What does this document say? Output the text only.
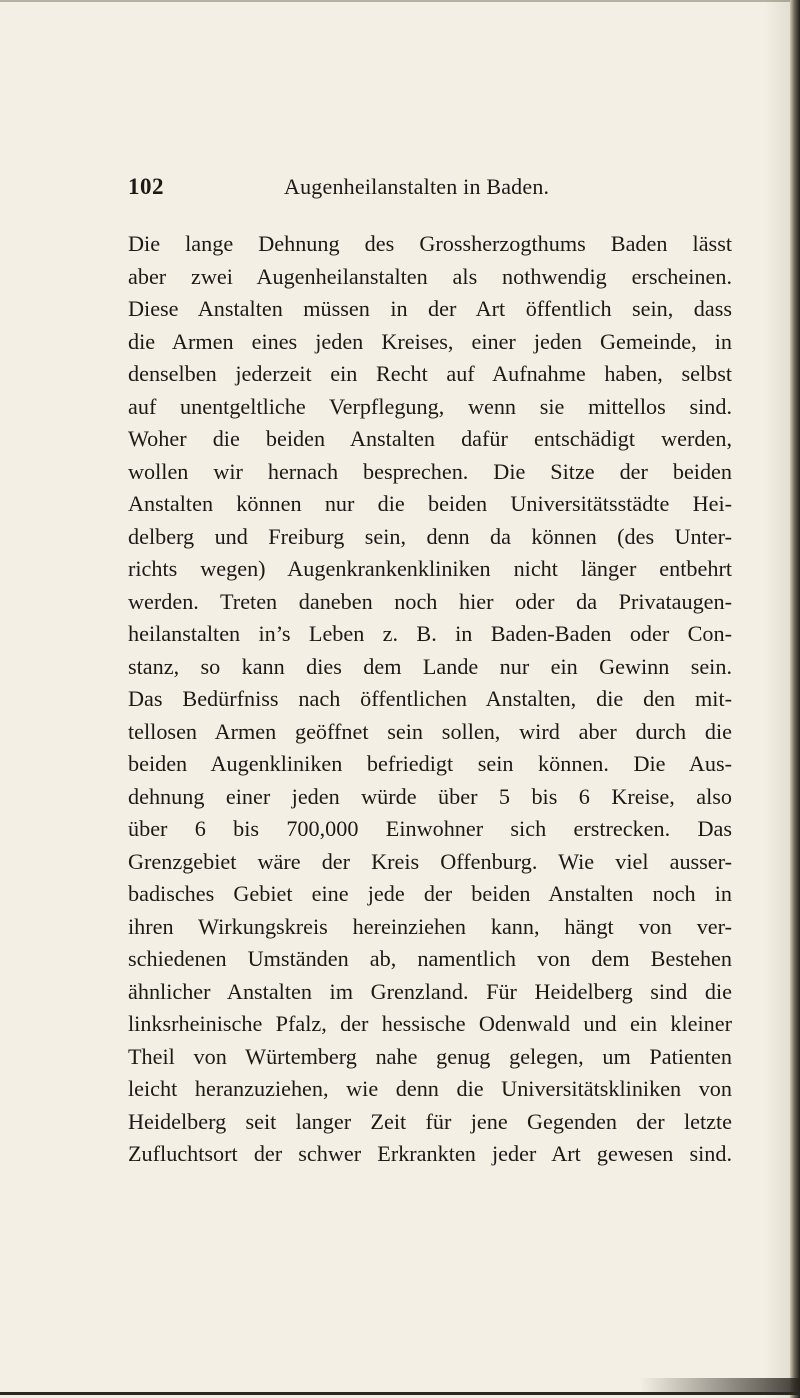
102	Augenheilanstalten in Baden.
Die lange Dehnung des Grossherzogthums Baden lässt
aber zwei Augenheilanstalten als nothwendig erscheinen.
Diese Anstalten müssen in der Art öffentlich sein, dass
die Armen eines jeden Kreises, einer jeden Gemeinde, in
denselben jederzeit ein Recht auf Aufnahme haben, selbst
auf unentgeltliche Verpflegung, wenn sie mittellos sind.
Woher die beiden Anstalten dafür entschädigt werden,
wollen wir hernach besprechen. Die Sitze der beiden
Anstalten können nur die beiden Universitätsstädte Hei-
delberg und Freiburg sein, denn da können (des Unter-
richts wegen) Augenkrankenkliniken nicht länger entbehrt
werden. Treten daneben noch hier oder da Privataugen-
heilanstalten in’s Leben z. B. in Baden-Baden oder Con-
stanz, so kann dies dem Lande nur ein Gewinn sein.
Das Bedürfniss nach öffentlichen Anstalten, die den mit-
tellosen Armen geöffnet sein sollen, wird aber durch die
beiden Augenkliniken befriedigt sein können. Die Aus-
dehnung einer jeden würde über 5 bis 6 Kreise, also
über 6 bis 700,000 Einwohner sich erstrecken. Das
Grenzgebiet wäre der Kreis Offenburg. Wie viel ausser-
badisches Gebiet eine jede der beiden Anstalten noch in
ihren Wirkungskreis hereinziehen kann, hängt von ver-
schiedenen Umständen ab, namentlich von dem Bestehen
ähnlicher Anstalten im Grenzland. Für Heidelberg sind die
linksrheinische Pfalz, der hessische Odenwald und ein kleiner
Theil von Würtemberg nahe genug gelegen, um Patienten
leicht heranzuziehen, wie denn die Universitätskliniken von
Heidelberg seit langer Zeit für jene Gegenden der letzte
Zufluchtsort der schwer Erkrankten jeder Art gewesen sind.
